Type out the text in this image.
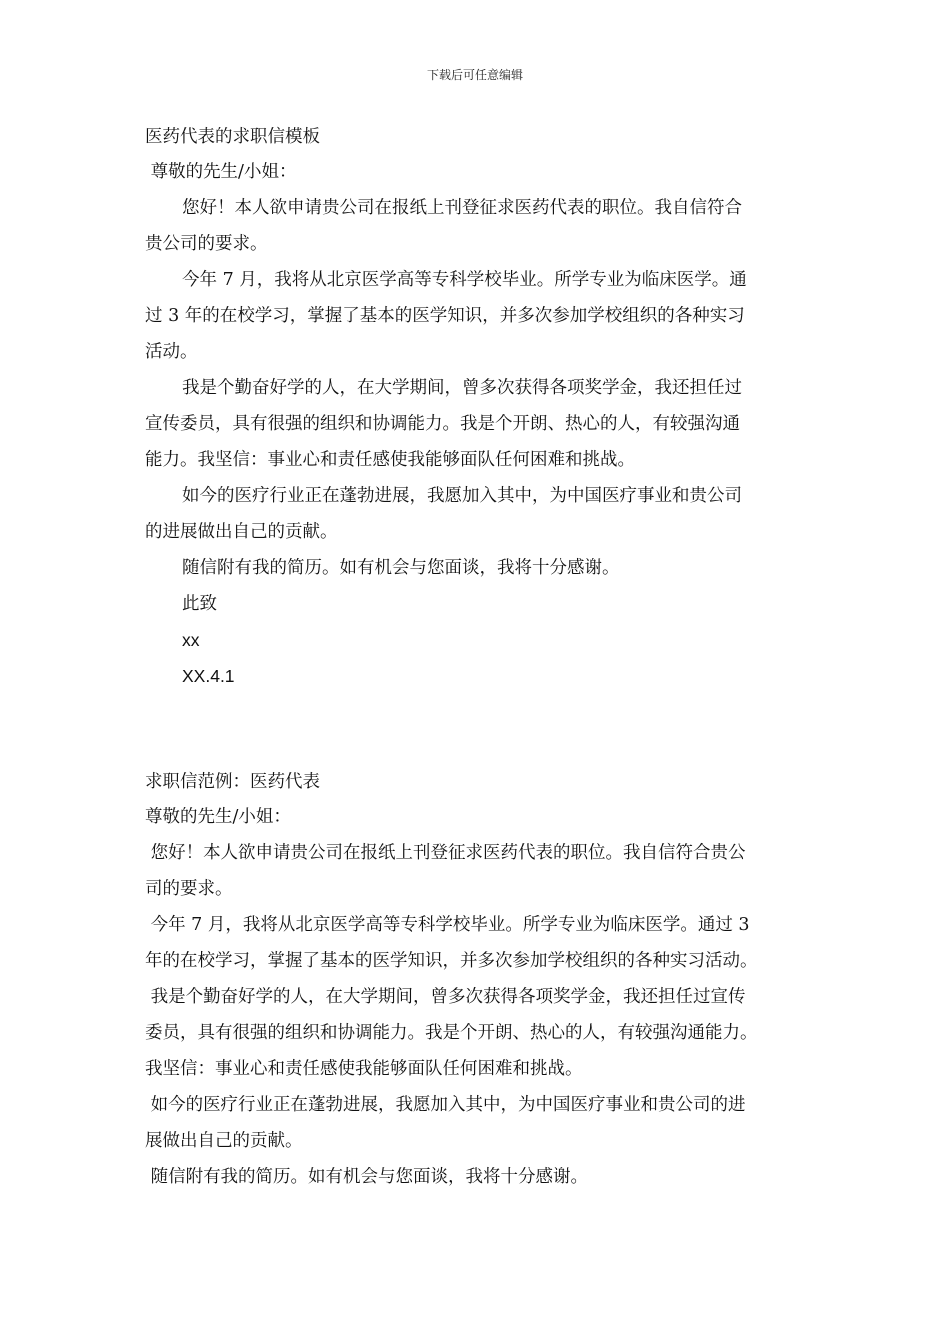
下载后可任意编辑
医药代表的求职信模板
尊敬的先生/小姐：
您好！本人欲申请贵公司在报纸上刊登征求医药代表的职位。我自信符合
贵公司的要求。
今年 7 月，我将从北京医学高等专科学校毕业。所学专业为临床医学。通
过 3 年的在校学习，掌握了基本的医学知识，并多次参加学校组织的各种实习
活动。
我是个勤奋好学的人，在大学期间，曾多次获得各项奖学金，我还担任过
宣传委员，具有很强的组织和协调能力。我是个开朗、热心的人，有较强沟通
能力。我坚信：事业心和责任感使我能够面队任何困难和挑战。
如今的医疗行业正在蓬勃进展，我愿加入其中，为中国医疗事业和贵公司
的进展做出自己的贡献。
随信附有我的简历。如有机会与您面谈，我将十分感谢。
此致
xx
XX.4.1
求职信范例：医药代表
尊敬的先生/小姐：
您好！本人欲申请贵公司在报纸上刊登征求医药代表的职位。我自信符合贵公
司的要求。
今年 7 月，我将从北京医学高等专科学校毕业。所学专业为临床医学。通过 3
年的在校学习，掌握了基本的医学知识，并多次参加学校组织的各种实习活动。
我是个勤奋好学的人，在大学期间，曾多次获得各项奖学金，我还担任过宣传
委员，具有很强的组织和协调能力。我是个开朗、热心的人，有较强沟通能力。
我坚信：事业心和责任感使我能够面队任何困难和挑战。
如今的医疗行业正在蓬勃进展，我愿加入其中，为中国医疗事业和贵公司的进
展做出自己的贡献。
随信附有我的简历。如有机会与您面谈，我将十分感谢。
